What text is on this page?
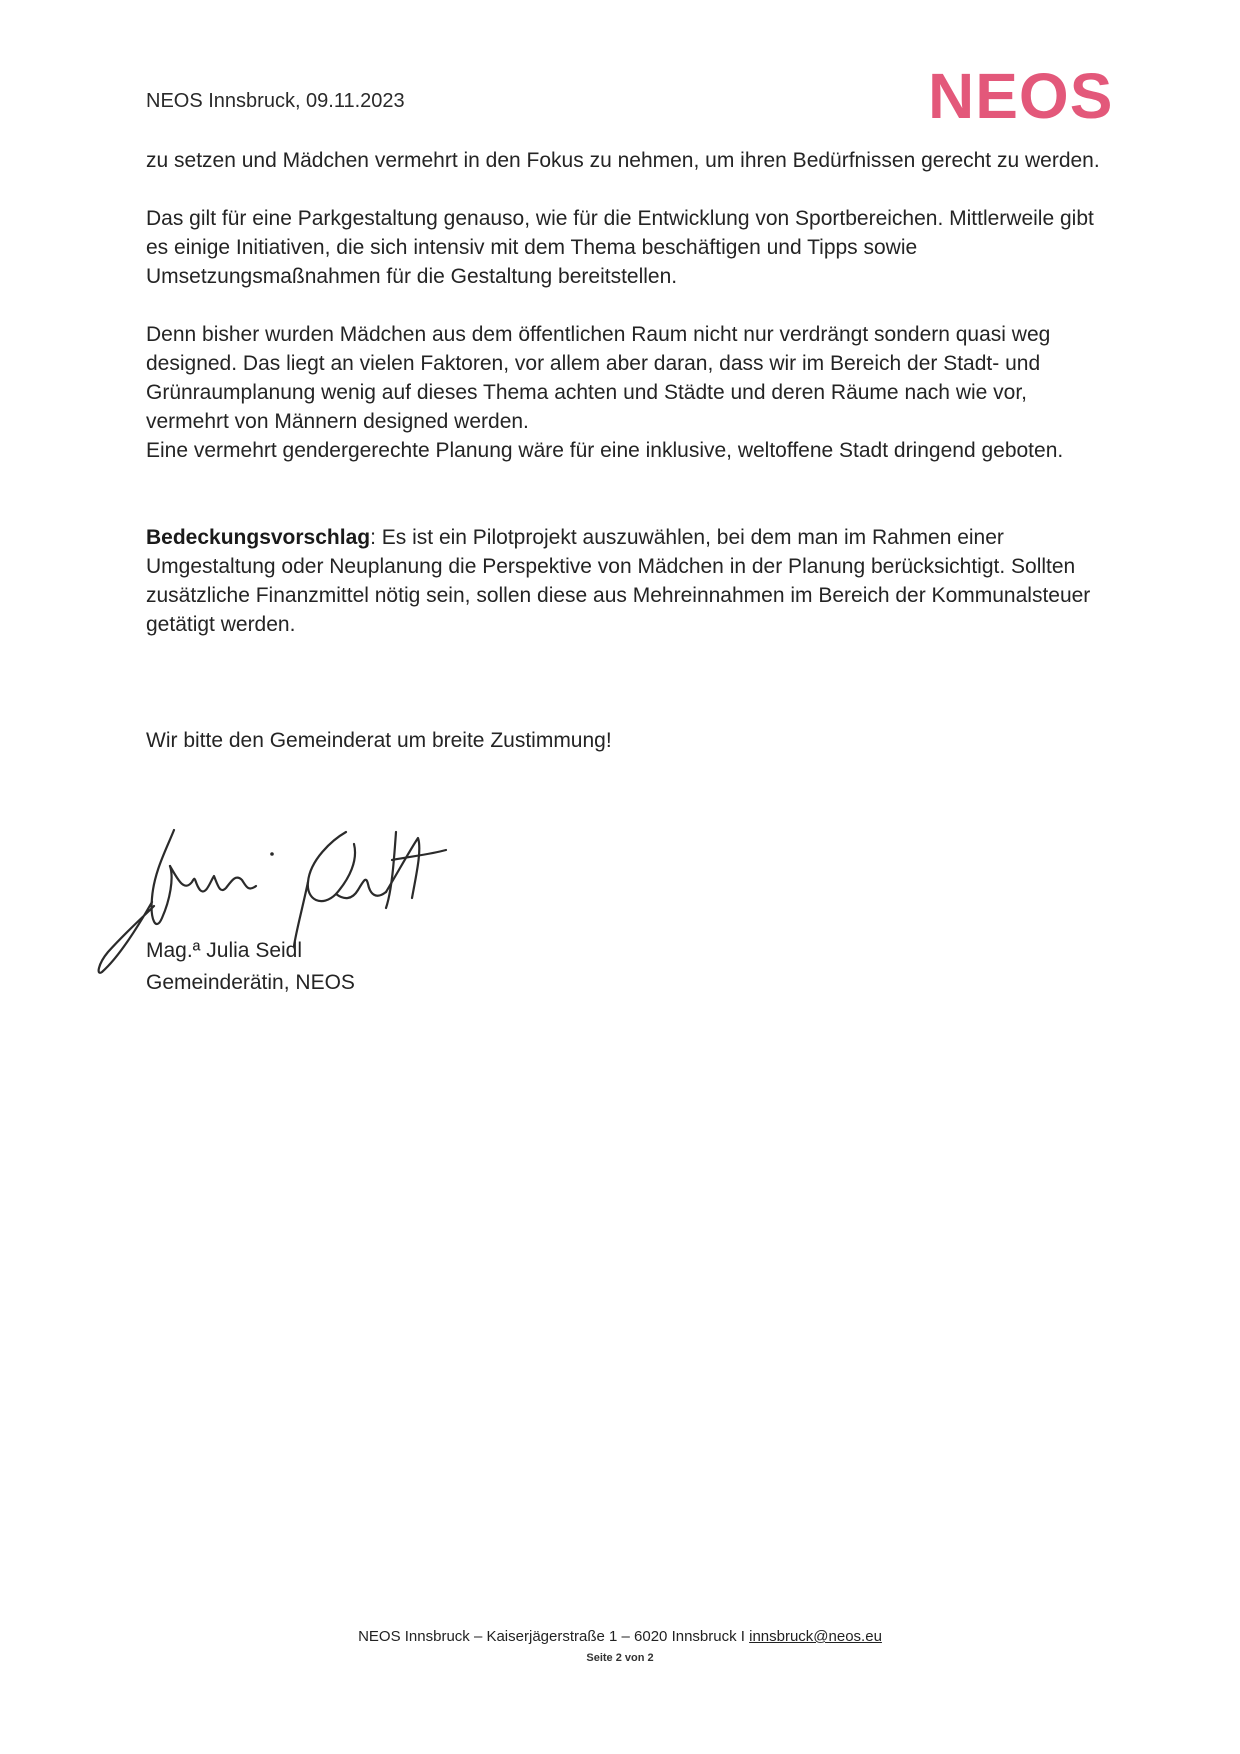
NEOS Innsbruck, 09.11.2023	NEOS

zu setzen und Mädchen vermehrt in den Fokus zu nehmen, um ihren Bedürfnissen gerecht zu werden.

Das gilt für eine Parkgestaltung genauso, wie für die Entwicklung von Sportbereichen. Mittlerweile gibt es einige Initiativen, die sich intensiv mit dem Thema beschäftigen und Tipps sowie Umsetzungsmaßnahmen für die Gestaltung bereitstellen.

Denn bisher wurden Mädchen aus dem öffentlichen Raum nicht nur verdrängt sondern quasi weg designed. Das liegt an vielen Faktoren, vor allem aber daran, dass wir im Bereich der Stadt- und Grünraumplanung wenig auf dieses Thema achten und Städte und deren Räume nach wie vor, vermehrt von Männern designed werden.

Eine vermehrt gendergerechte Planung wäre für eine inklusive, weltoffene Stadt dringend geboten.

Bedeckungsvorschlag: Es ist ein Pilotprojekt auszuwählen, bei dem man im Rahmen einer Umgestaltung oder Neuplanung die Perspektive von Mädchen in der Planung berücksichtigt. Sollten zusätzliche Finanzmittel nötig sein, sollen diese aus Mehreinnahmen im Bereich der Kommunalsteuer getätigt werden.

Wir bitte den Gemeinderat um breite Zustimmung!

Mag.ª Julia Seidl

Gemeinderätin, NEOS

NEOS Innsbruck – Kaiserjägerstraße 1 – 6020 Innsbruck I innsbruck@neos.eu
Seite 2 von 2
